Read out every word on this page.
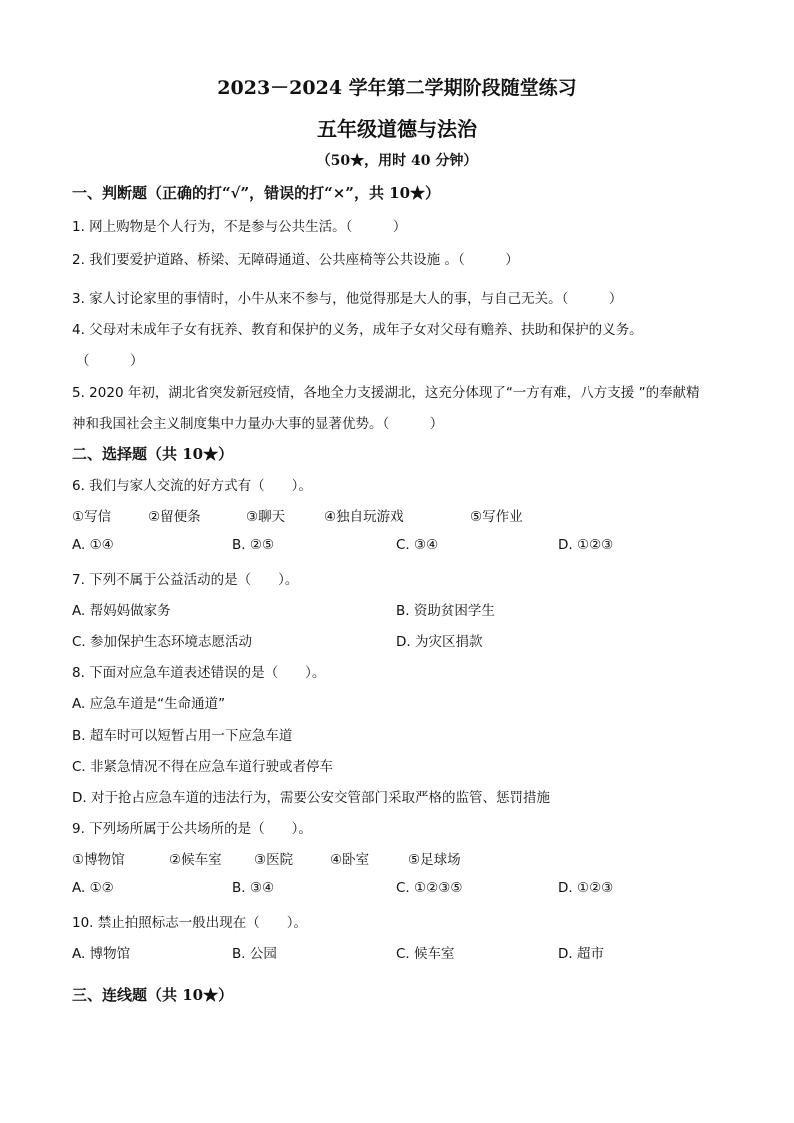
2023－2024 学年第二学期阶段随堂练习
五年级道德与法治
（50★，用时 40 分钟）
一、判断题（正确的打“√”，错误的打“×”，共 10★）
1. 网上购物是个人行为，不是参与公共生活。（　　　）
2. 我们要爱护道路、桥梁、无障碍通道、公共座椅等公共设施 。（　　　）
3. 家人讨论家里的事情时，小牛从来不参与，他觉得那是大人的事，与自己无关。（　　　）
4. 父母对未成年子女有抚养、教育和保护的义务，成年子女对父母有赡养、扶助和保护的义务。
（　　　）
5. 2020 年初，湖北省突发新冠疫情，各地全力支援湖北，这充分体现了“一方有难，八方支援 ”的奉献精
神和我国社会主义制度集中力量办大事的显著优势。（　　　）
二、选择题（共 10★）
6. 我们与家人交流的好方式有（　　）。
①写信	②留便条	③聊天	④独自玩游戏	⑤写作业
A. ①④	B. ②⑤	C. ③④	D. ①②③
7. 下列不属于公益活动的是（　　）。
A. 帮妈妈做家务	B. 资助贫困学生
C. 参加保护生态环境志愿活动	D. 为灾区捐款
8. 下面对应急车道表述错误的是（　　）。
A. 应急车道是“生命通道”
B. 超车时可以短暂占用一下应急车道
C. 非紧急情况不得在应急车道行驶或者停车
D. 对于抢占应急车道的违法行为，需要公安交管部门采取严格的监管、惩罚措施
9. 下列场所属于公共场所的是（　　）。
①博物馆	②候车室 ③医院	④卧室	⑤足球场
A. ①②	B. ③④	C. ①②③⑤	D. ①②③
10. 禁止拍照标志一般出现在（　　）。
A. 博物馆	B. 公园	C. 候车室	D. 超市
三、连线题（共 10★）
